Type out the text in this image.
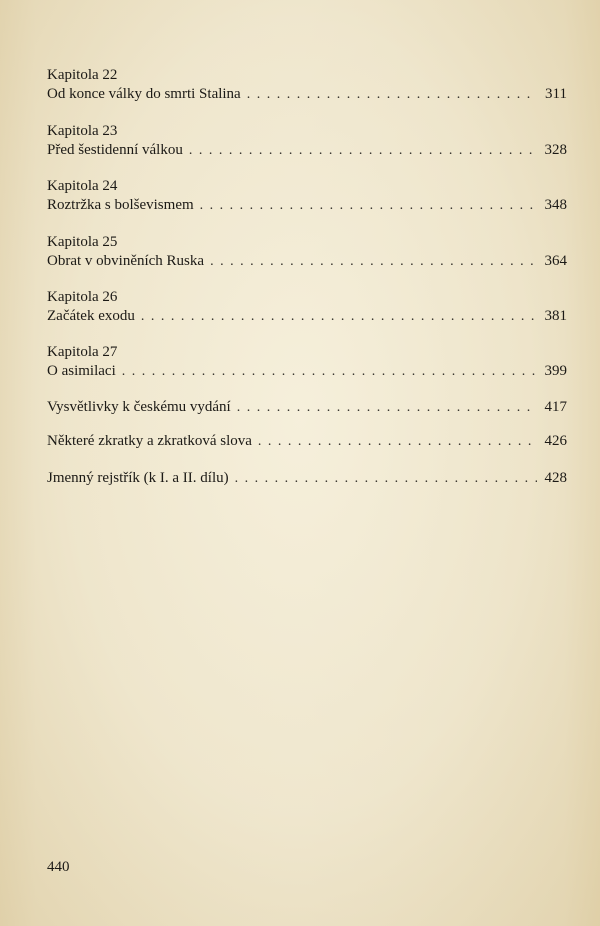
Kapitola 22
Od konce války do smrti Stalina . . .	311
Kapitola 23
Před šestidenní válkou . . .	328
Kapitola 24
Roztržka s bolševismem . . .	348
Kapitola 25
Obrat v obviněních Ruska . . .	364
Kapitola 26
Začátek exodu . . .	381
Kapitola 27
O asimilaci . . .	399
Vysvětlivky k českému vydání . . .	417
Některé zkratky a zkratková slova . . .	426
Jmenný rejstřík (k I. a II. dílu) . . .	428
440
